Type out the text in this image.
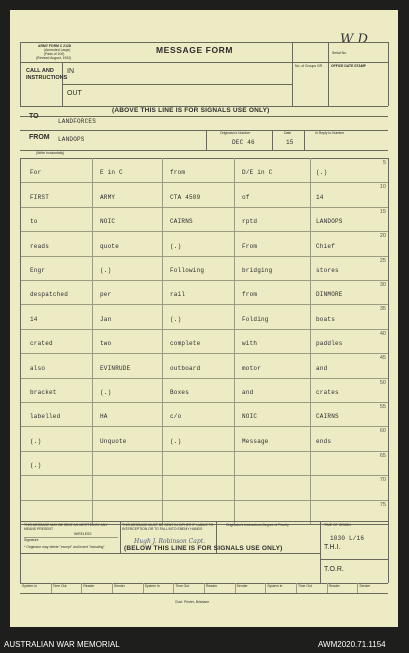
ARMY FORM C 2128
(Amended Large)
(Pads of 100)
(Revised August, 1942)
MESSAGE FORM
W D
Serial No.
CALL AND INSTRUCTIONS
IN
OUT
No. of Groups GR.	OFFICE DATE STAMP
(ABOVE THIS LINE IS FOR SIGNALS USE ONLY)
TO
LANDFORCES
FROM LANDOPS
Originator's Number
DEC 46
Date
15
In Reply to Number
(Write horizontally)
For	E in C	from	D/E in C	(.)
5
FIRST	ARMY	CTA 4509	of	14
10
to	NOIC	CAIRNS	rptd	LANDOPS
15
reads	quote	(.)	From	Chief
20
Engr	(.)	Following	bridging	stores
25
despatched	per	rail	from	DINMORE
30
14	Jan	(.)	Folding	boats
35
crated	two	complete	with	paddles
40
also	EVINRUDE	outboard	motor	and
45
bracket	(.)	Boxes	and	crates
50
labelled	HA	c/o	NOIC	CAIRNS
55
(.)	Unquote	(.)	Message	ends
60
(.)
65
70
75
THIS MESSAGE MAY BE SENT AS WRITTEN BY ANY MEANS PRESENT
WIRELESS
Signature
* Originator may delete "except" and insert "including"
THIS MESSAGE MUST BE SENT IN CIPHER IF LIABLE TO INTERCEPTION OR TO FALL INTO ENEMY HANDS
Hugh J. Robinson Capt.
Originator's Instructions Degree of Priority	TIME OF ORIGIN
1030 L/16
(BELOW THIS LINE IS FOR SIGNALS USE ONLY)	T.H.I.
T.O.R.
System In	Time Out	Reader	Sender	System In	Time Out	Reader	Sender	System In	Time Out	Reader	Sender
Govt. Printer, Brisbane
AUSTRALIAN WAR MEMORIAL	AWM2020.71.1154
